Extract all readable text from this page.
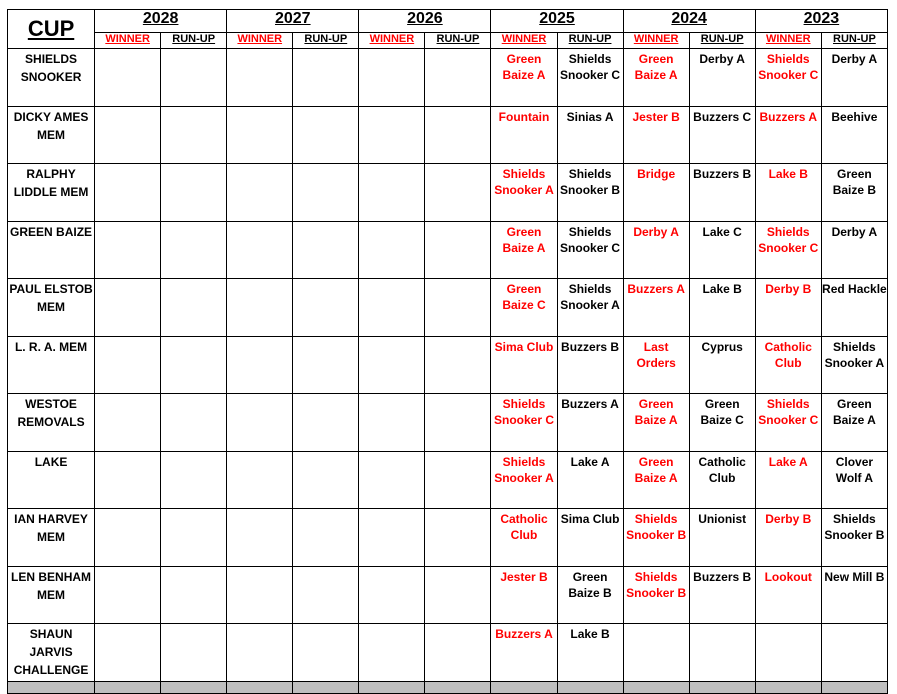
CUP	2028		2027		2026		2025		2024		2023	
	WINNER	RUN-UP	WINNER	RUN-UP	WINNER	RUN-UP	WINNER	RUN-UP	WINNER	RUN-UP	WINNER	RUN-UP
SHIELDS SNOOKER							Green Baize A	Shields Snooker C	Green Baize A	Derby A	Shields Snooker C	Derby A
DICKY AMES MEM							Fountain	Sinias A	Jester B	Buzzers C	Buzzers A	Beehive
RALPHY LIDDLE MEM							Shields Snooker A	Shields Snooker B	Bridge	Buzzers B	Lake B	Green Baize B
GREEN BAIZE							Green Baize A	Shields Snooker C	Derby A	Lake C	Shields Snooker C	Derby A
PAUL ELSTOB MEM							Green Baize C	Shields Snooker A	Buzzers A	Lake B	Derby B	Red Hackle
L. R. A. MEM							Sima Club	Buzzers B	Last Orders	Cyprus	Catholic Club	Shields Snooker A
WESTOE REMOVALS							Shields Snooker C	Buzzers A	Green Baize A	Green Baize C	Shields Snooker C	Green Baize A
LAKE							Shields Snooker A	Lake A	Green Baize A	Catholic Club	Lake A	Clover Wolf A
IAN HARVEY MEM							Catholic Club	Sima Club	Shields Snooker B	Unionist	Derby B	Shields Snooker B
LEN BENHAM MEM							Jester B	Green Baize B	Shields Snooker B	Buzzers B	Lookout	New Mill B
SHAUN JARVIS CHALLENGE							Buzzers A	Lake B				
